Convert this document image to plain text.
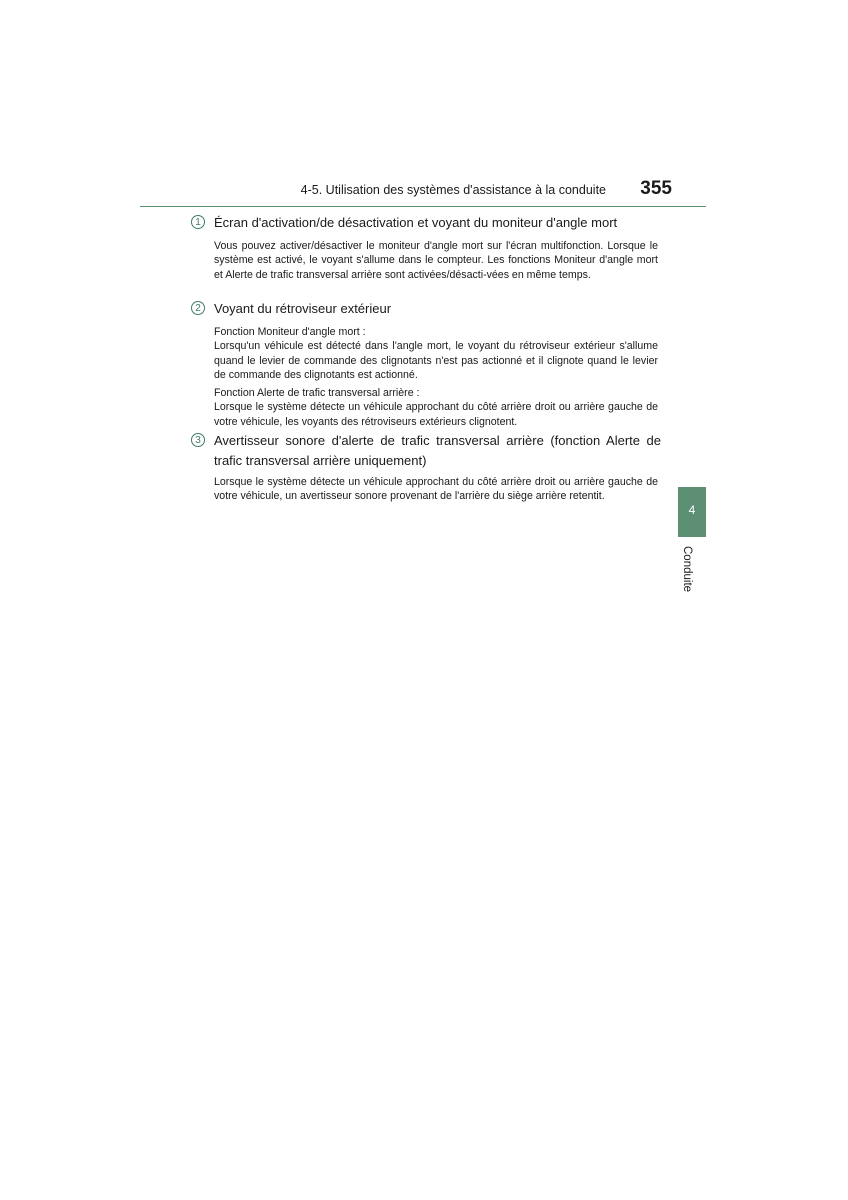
4-5. Utilisation des systèmes d'assistance à la conduite	355
1	Écran d'activation/de désactivation et voyant du moniteur d'angle mort
Vous pouvez activer/désactiver le moniteur d'angle mort sur l'écran multifonction. Lorsque le système est activé, le voyant s'allume dans le compteur. Les fonctions Moniteur d'angle mort et Alerte de trafic transversal arrière sont activées/désacti-vées en même temps.
2	Voyant du rétroviseur extérieur
Fonction Moniteur d'angle mort :
Lorsqu'un véhicule est détecté dans l'angle mort, le voyant du rétroviseur extérieur s'allume quand le levier de commande des clignotants n'est pas actionné et il clignote quand le levier de commande des clignotants est actionné.
Fonction Alerte de trafic transversal arrière :
Lorsque le système détecte un véhicule approchant du côté arrière droit ou arrière gauche de votre véhicule, les voyants des rétroviseurs extérieurs clignotent.
3	Avertisseur sonore d'alerte de trafic transversal arrière (fonction Alerte de trafic transversal arrière uniquement)
Lorsque le système détecte un véhicule approchant du côté arrière droit ou arrière gauche de votre véhicule, un avertisseur sonore provenant de l'arrière du siège arrière retentit.
4
Conduite
